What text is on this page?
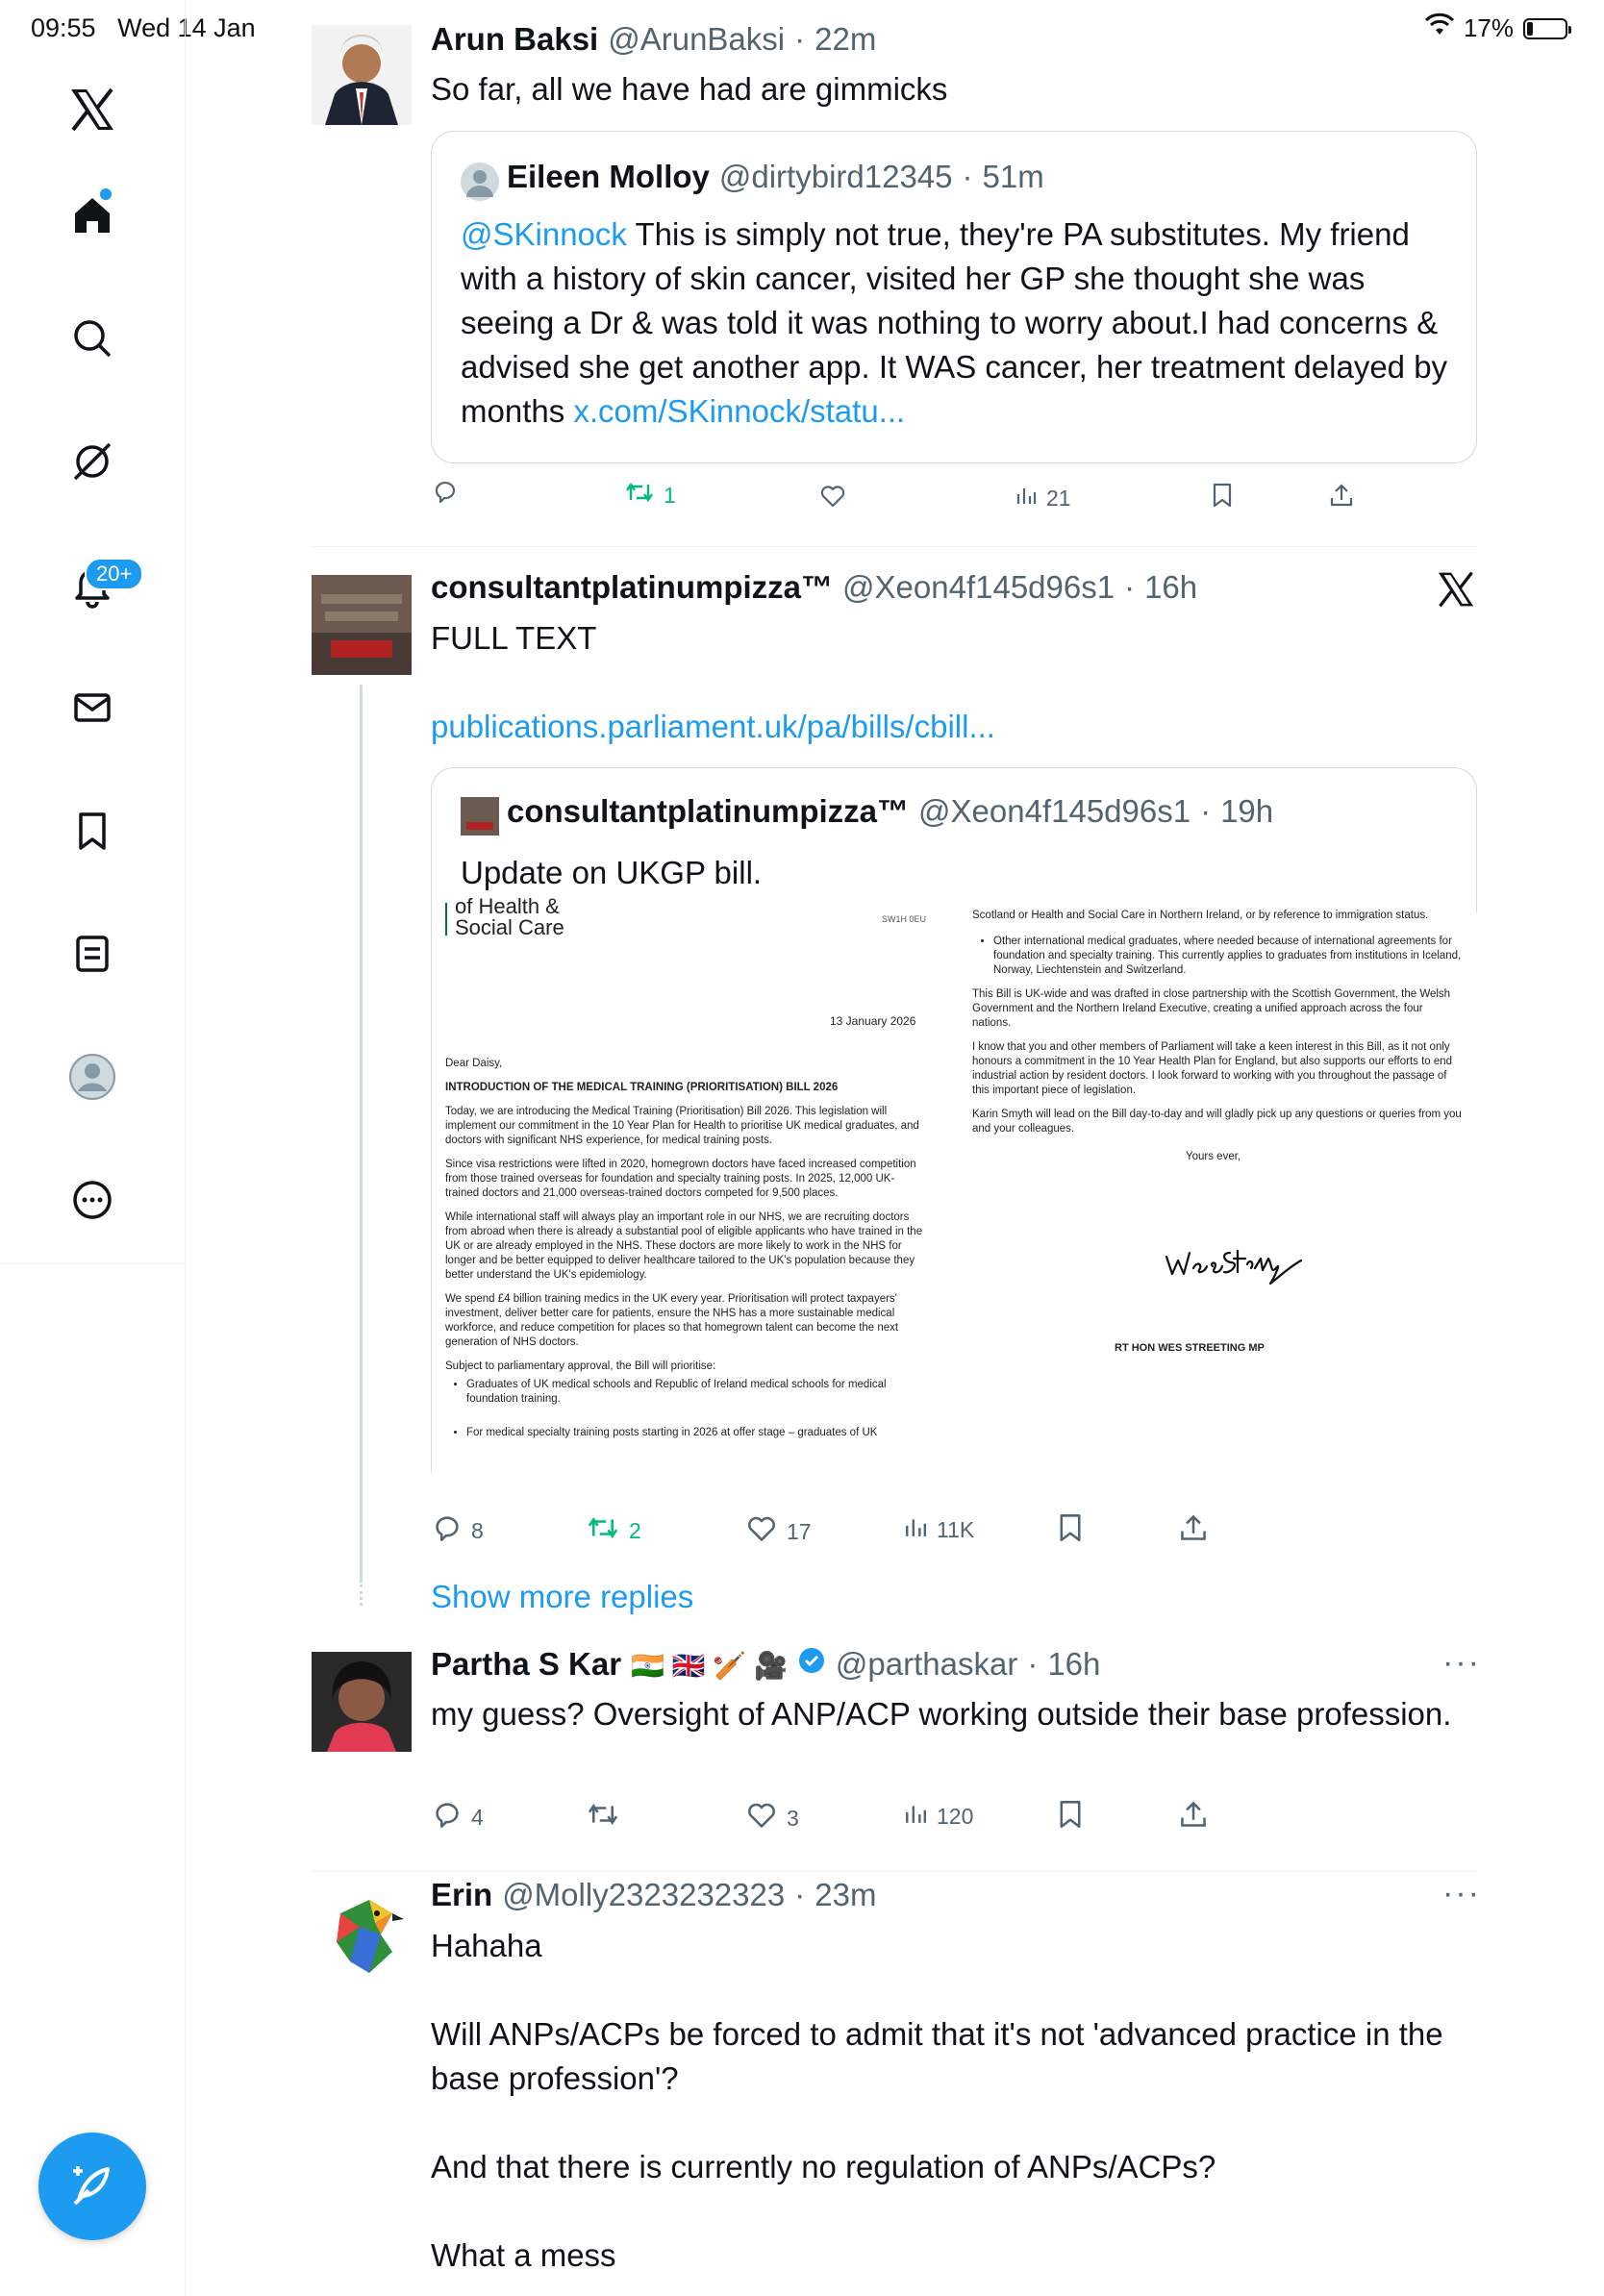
09:55 Wed 14 Jan	17%
20+
Arun Baksi @ArunBaksi · 22m
So far, all we have had are gimmicks
Eileen Molloy @dirtybird12345 · 51m
@SKinnock This is simply not true, they're PA substitutes. My friend with a history of skin cancer, visited her GP she thought she was seeing a Dr & was told it was nothing to worry about.I had concerns & advised she get another app. It WAS cancer, her treatment delayed by months x.com/SKinnock/statu...
1	21
consultantplatinumpizza™ @Xeon4f145d96s1 · 16h
FULL TEXT
publications.parliament.uk/pa/bills/cbill...
consultantplatinumpizza™ @Xeon4f145d96s1 · 19h
Update on UKGP bill.
of Health &
Social Care	SW1H 0EU
13 January 2026

Dear Daisy,

INTRODUCTION OF THE MEDICAL TRAINING (PRIORITISATION) BILL 2026

Today, we are introducing the Medical Training (Prioritisation) Bill 2026. This legislation will implement our commitment in the 10 Year Plan for Health to prioritise UK medical graduates, and doctors with significant NHS experience, for medical training posts.

Since visa restrictions were lifted in 2020, homegrown doctors have faced increased competition from those trained overseas for foundation and specialty training posts. In 2025, 12,000 UK-trained doctors and 21,000 overseas-trained doctors competed for 9,500 places.

While international staff will always play an important role in our NHS, we are recruiting doctors from abroad when there is already a substantial pool of eligible applicants who have trained in the UK or are already employed in the NHS. These doctors are more likely to work in the NHS for longer and be better equipped to deliver healthcare tailored to the UK's population because they better understand the UK's epidemiology.

We spend £4 billion training medics in the UK every year. Prioritisation will protect taxpayers' investment, deliver better care for patients, ensure the NHS has a more sustainable medical workforce, and reduce competition for places so that homegrown talent can become the next generation of NHS doctors.

Subject to parliamentary approval, the Bill will prioritise:

• Graduates of UK medical schools and Republic of Ireland medical schools for medical foundation training.
• For medical specialty training posts starting in 2026 at offer stage – graduates of UK

Scotland or Health and Social Care in Northern Ireland, or by reference to immigration status.

• Other international medical graduates, where needed because of international agreements for foundation and specialty training. This currently applies to graduates from institutions in Iceland, Norway, Liechtenstein and Switzerland.

This Bill is UK-wide and was drafted in close partnership with the Scottish Government, the Welsh Government and the Northern Ireland Executive, creating a unified approach across the four nations.

I know that you and other members of Parliament will take a keen interest in this Bill, as it not only honours a commitment in the 10 Year Health Plan for England, but also supports our efforts to end industrial action by resident doctors. I look forward to working with you throughout the passage of this important piece of legislation.

Karin Smyth will lead on the Bill day-to-day and will gladly pick up any questions or queries from you and your colleagues.

Yours ever,

RT HON WES STREETING MP
8	2	17	11K
Show more replies
Partha S Kar 🇮🇳 🇬🇧 🏏 🎥 @parthaskar · 16h	···
my guess? Oversight of ANP/ACP working outside their base profession.
4	3	120
Erin @Molly2323232323 · 23m	···
Hahaha
Will ANPs/ACPs be forced to admit that it's not 'advanced practice in the base profession'?
And that there is currently no regulation of ANPs/ACPs?
What a mess
